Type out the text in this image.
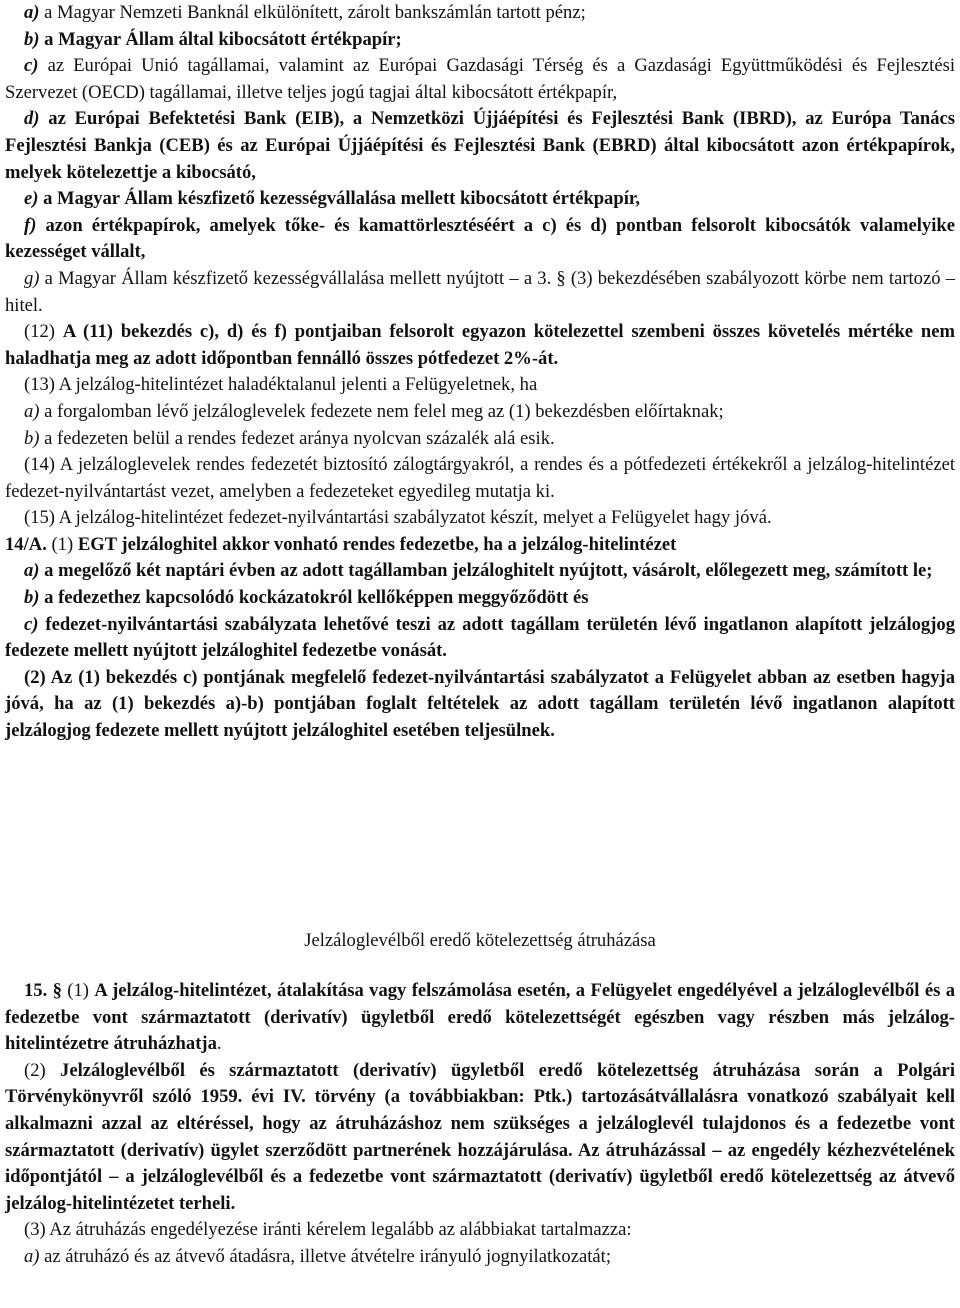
a) a Magyar Nemzeti Banknál elkülönített, zárolt bankszámlán tartott pénz;

b) a Magyar Állam által kibocsátott értékpapír;

c) az Európai Unió tagállamai, valamint az Európai Gazdasági Térség és a Gazdasági Együttműködési és Fejlesztési Szervezet (OECD) tagállamai, illetve teljes jogú tagjai által kibocsátott értékpapír,

d) az Európai Befektetési Bank (EIB), a Nemzetközi Újjáépítési és Fejlesztési Bank (IBRD), az Európa Tanács Fejlesztési Bankja (CEB) és az Európai Újjáépítési és Fejlesztési Bank (EBRD) által kibocsátott azon értékpapírok, melyek kötelezettje a kibocsátó,

e) a Magyar Állam készfizető kezességvállalása mellett kibocsátott értékpapír,

f) azon értékpapírok, amelyek tőke- és kamattörlesztéséért a c) és d) pontban felsorolt kibocsátók valamelyike kezességet vállalt,

g) a Magyar Állam készfizető kezességvállalása mellett nyújtott – a 3. § (3) bekezdésében szabályozott körbe nem tartozó – hitel.

(12) A (11) bekezdés c), d) és f) pontjaiban felsorolt egyazon kötelezettel szembeni összes követelés mértéke nem haladhatja meg az adott időpontban fennálló összes pótfedezet 2%-át.

(13) A jelzálog-hitelintézet haladéktalanul jelenti a Felügyeletnek, ha

a) a forgalomban lévő jelzáloglevelek fedezete nem felel meg az (1) bekezdésben előírtaknak;

b) a fedezeten belül a rendes fedezet aránya nyolcvan százalék alá esik.

(14) A jelzáloglevelek rendes fedezetét biztosító zálogtárgyakról, a rendes és a pótfedezeti értékekről a jelzálog-hitelintézet fedezet-nyilvántartást vezet, amelyben a fedezeteket egyedileg mutatja ki.

(15) A jelzálog-hitelintézet fedezet-nyilvántartási szabályzatot készít, melyet a Felügyelet hagy jóvá.

14/A. (1) EGT jelzáloghitel akkor vonható rendes fedezetbe, ha a jelzálog-hitelintézet

a) a megelőző két naptári évben az adott tagállamban jelzáloghitelt nyújtott, vásárolt, előlegezett meg, számított le;

b) a fedezethez kapcsolódó kockázatokról kellőképpen meggyőződött és

c) fedezet-nyilvántartási szabályzata lehetővé teszi az adott tagállam területén lévő ingatlanon alapított jelzálogjog fedezete mellett nyújtott jelzáloghitel fedezetbe vonását.

(2) Az (1) bekezdés c) pontjának megfelelő fedezet-nyilvántartási szabályzatot a Felügyelet abban az esetben hagyja jóvá, ha az (1) bekezdés a)-b) pontjában foglalt feltételek az adott tagállam területén lévő ingatlanon alapított jelzálogjog fedezete mellett nyújtott jelzáloghitel esetében teljesülnek.

Jelzáloglevélből eredő kötelezettség átruházása

15. § (1) A jelzálog-hitelintézet, átalakítása vagy felszámolása esetén, a Felügyelet engedélyével a jelzáloglevélből és a fedezetbe vont származtatott (derivatív) ügyletből eredő kötelezettségét egészben vagy részben más jelzálog-hitelintézetre átruházhatja.

(2) Jelzáloglevélből és származtatott (derivatív) ügyletből eredő kötelezettség átruházása során a Polgári Törvénykönyvről szóló 1959. évi IV. törvény (a továbbiakban: Ptk.) tartozásátvállalásra vonatkozó szabályait kell alkalmazni azzal az eltéréssel, hogy az átruházáshoz nem szükséges a jelzáloglevél tulajdonos és a fedezetbe vont származtatott (derivatív) ügylet szerződött partnerének hozzájárulása. Az átruházással – az engedély kézhezvételének időpontjától – a jelzáloglevélből és a fedezetbe vont származtatott (derivatív) ügyletből eredő kötelezettség az átvevő jelzálog-hitelintézetet terheli.

(3) Az átruházás engedélyezése iránti kérelem legalább az alábbiakat tartalmazza:

a) az átruházó és az átvevő átadásra, illetve átvételre irányuló jognyilatkozatát;
